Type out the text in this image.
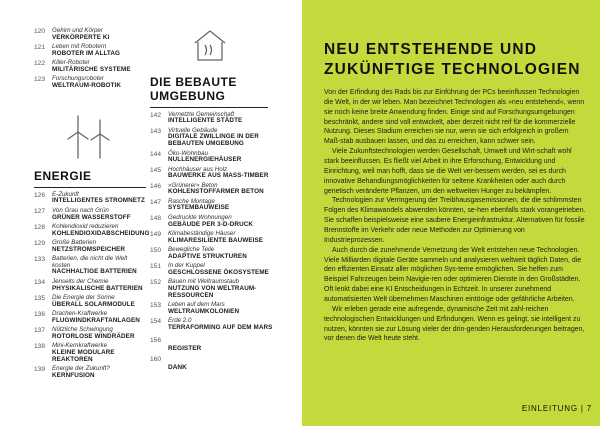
120 Gehirn und Körper
VERKÖRPERTE KI
121 Leben mit Robotern
ROBOTER IM ALLTAG
122 Killer-Roboter
MILITÄRISCHE SYSTEME
123 Forschungsroboter
WELTRAUM-ROBOTIK
ENERGIE
126 E-Zukunft
INTELLIGENTES STROMNETZ
127 Von Grau nach Grün
GRÜNER WASSERSTOFF
128 Kohlendioxid reduzieren
KOHLENDIOXIDABSCHEIDUNG
129 Große Batterien
NETZSTROMSPEICHER
133 Batterien, die nicht die Welt kosten
NACHHALTIGE BATTERIEN
134 Jenseits der Chemie
PHYSIKALISCHE BATTERIEN
135 Die Energie der Sonne
ÜBERALL SOLARMODULE
136 Drachen-Kraftwerke
FLUGWINDKRAFTANLAGEN
137 Nützliche Schwingung
ROTORLOSE WINDRÄDER
138 Mini-Kernkraftwerke
KLEINE MODULARE REAKTOREN
139 Energie der Zukunft?
KERNFUSION
DIE BEBAUTE UMGEBUNG
142 Vernetzte Gemeinschaft
INTELLIGENTE STÄDTE
143 Virtuelle Gebäude
DIGITALE ZWILLINGE IN DER BEBAUTEN UMGEBUNG
144 Öko-Wohnbau
NULLENERGIEHÄUSER
145 Hochhäuser aus Holz
BAUWERKE AUS MASS-TIMBER
146 »Grünerer« Beton
KOHLENSTOFFARMER BETON
147 Rasche Montage
SYSTEMBAUWEISE
148 Gedruckte Wohnungen
GEBÄUDE PER 3-D-DRUCK
149 Klimabeständige Häuser
KLIMARESILIENTE BAUWEISE
150 Bewegliche Teile
ADAPTIVE STRUKTUREN
151 In der Kuppel
GESCHLOSSENE ÖKOSYSTEME
152 Bauen mit Weltraumstaub
NUTZUNG VON WELTRAUM-RESSOURCEN
153 Leben auf dem Mars
WELTRAUMKOLONIEN
154 Erde 2.0
TERRAFORMING AUF DEM MARS
156
REGISTER
160
DANK
NEU ENTSTEHENDE UND ZUKÜNFTIGE TECHNOLOGIEN

Von der Erfindung des Rads bis zur Einführung der PCs beeinflussen Technologien die Welt, in der wir leben. Man bezeichnet Technologien als »neu entstehend«, wenn sie noch keine breite Anwendung finden. Einige sind auf Forschungsumgebungen beschränkt, andere sind voll entwickelt, aber derzeit nicht reif für die kommerzielle Nutzung. Dieses Stadium erreichen sie nur, wenn sie sich erfolgreich in großem Maß-stab ausbauen lassen, und das zu erreichen, kann schwer sein.

Viele Zukunftstechnologien werden Gesellschaft, Umwelt und Wirt-schaft wohl stark beeinflussen. Es fließt viel Arbeit in ihre Erforschung, Entwicklung und Einrichtung, weil man hofft, dass sie die Welt ver-bessern werden, sei es durch innovative Behandlungsmöglichkeiten für seltene Krankheiten oder auch durch genetisch veränderte Pflanzen, um den weltweiten Hunger zu bekämpfen.

Technologien zur Verringerung der Treibhausgasemissionen, die die schlimmsten Folgen des Klimawandels abwenden könnten, se-hen ebenfalls stark vorangetrieben. Sie schaffen beispielsweise eine saubere Energieinfrastruktur. Alternativen für fossile Brennstoffe im Verkehr oder neue Methoden zur Optimierung von Industrieprozessen.

Auch durch die zunehmende Vernetzung der Welt entstehen neue Technologien. Viele Milliarden digitale Geräte sammeln und analysieren weltweit täglich Daten, die den effizienten Einsatz aller möglichen Sys-teme ermöglichen. Sie helfen zum Beispiel Fahrzeugen beim Navigie-ren oder optimieren Dienste in den Großstädten. Oft lenkt dabei eine KI Entscheidungen in Echtzeit. In unserer zunehmend automatisierten Welt übernehmen Maschinen eintönige oder gefährliche Arbeiten.

Wir erleben gerade eine aufregende, dynamische Zeit mit zahl-reichen technologischen Entwicklungen und Erfindungen. Wenn es gelingt, sie intelligent zu nutzen, könnten sie zur Lösung vieler der drin-genden Herausforderungen beitragen, vor denen die Welt heute steht.

EINLEITUNG | 7
